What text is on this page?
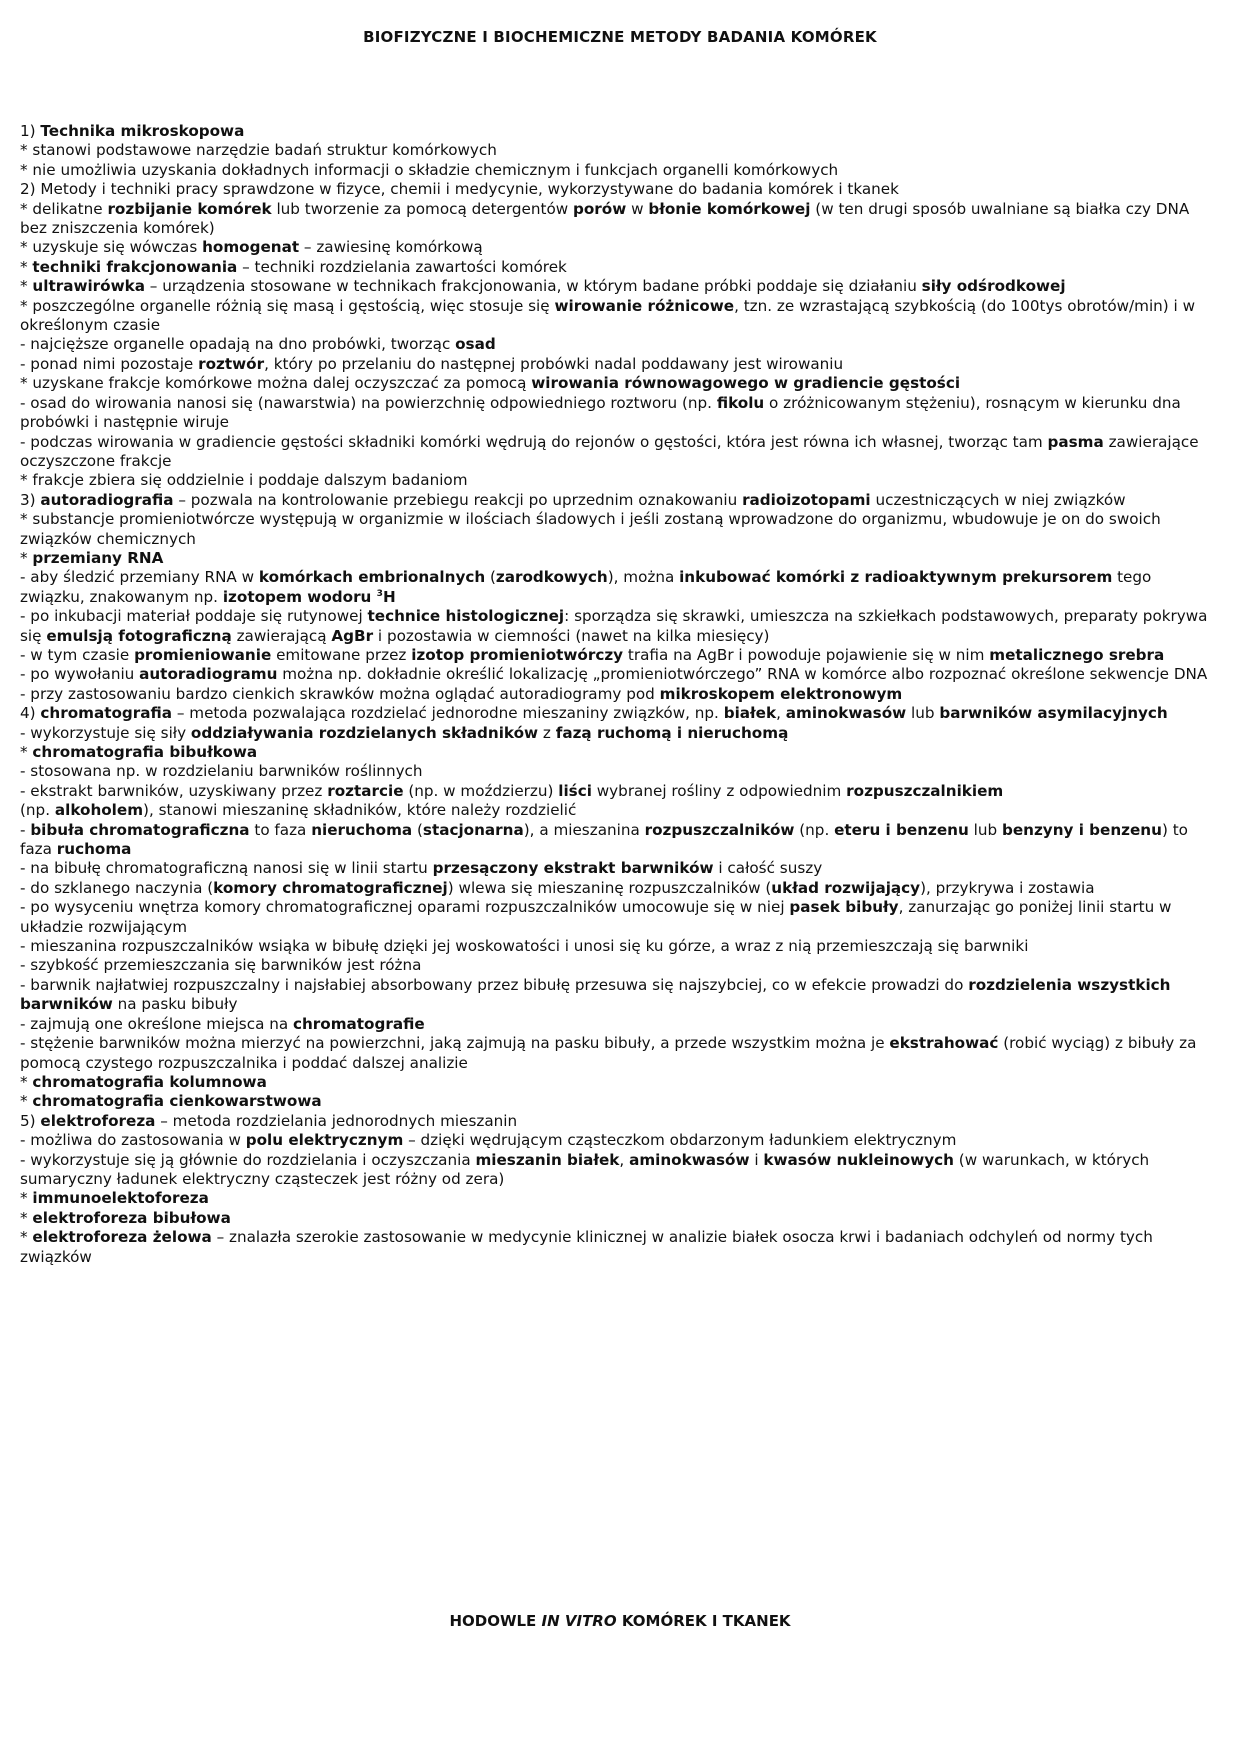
BIOFIZYCZNE I BIOCHEMICZNE METODY BADANIA KOMÓREK

1) Technika mikroskopowa

* stanowi podstawowe narzędzie badań struktur komórkowych

* nie umożliwia uzyskania dokładnych informacji o składzie chemicznym i funkcjach organelli komórkowych

2) Metody i techniki pracy sprawdzone w fizyce, chemii i medycynie, wykorzystywane do badania komórek i tkanek

* delikatne rozbijanie komórek lub tworzenie za pomocą detergentów porów w błonie komórkowej (w ten drugi sposób uwalniane są białka czy DNA bez zniszczenia komórek)

* uzyskuje się wówczas homogenat – zawiesinę komórkową

* techniki frakcjonowania – techniki rozdzielania zawartości komórek

* ultrawirówka – urządzenia stosowane w technikach frakcjonowania, w którym badane próbki poddaje się działaniu siły odśrodkowej

* poszczególne organelle różnią się masą i gęstością, więc stosuje się wirowanie różnicowe, tzn. ze wzrastającą szybkością (do 100tys obrotów/min) i w określonym czasie

- najcięższe organelle opadają na dno probówki, tworząc osad

- ponad nimi pozostaje roztwór, który po przelaniu do następnej probówki nadal poddawany jest wirowaniu

* uzyskane frakcje komórkowe można dalej oczyszczać za pomocą wirowania równowagowego w gradiencie gęstości

- osad do wirowania nanosi się (nawarstwia) na powierzchnię odpowiedniego roztworu (np. fikolu o zróżnicowanym stężeniu), rosnącym w kierunku dna probówki i następnie wiruje

- podczas wirowania w gradiencie gęstości składniki komórki wędrują do rejonów o gęstości, która jest równa ich własnej, tworząc tam pasma zawierające oczyszczone frakcje

* frakcje zbiera się oddzielnie i poddaje dalszym badaniom

3) autoradiografia – pozwala na kontrolowanie przebiegu reakcji po uprzednim oznakowaniu radioizotopami uczestniczących w niej związków

* substancje promieniotwórcze występują w organizmie w ilościach śladowych i jeśli zostaną wprowadzone do organizmu, wbudowuje je on do swoich związków chemicznych

* przemiany RNA

- aby śledzić przemiany RNA w komórkach embrionalnych (zarodkowych), można inkubować komórki z radioaktywnym prekursorem tego związku, znakowanym np. izotopem wodoru $^3$H

- po inkubacji materiał poddaje się rutynowej technice histologicznej: sporządza się skrawki, umieszcza na szkiełkach podstawowych, preparaty pokrywa się emulsją fotograficzną zawierającą AgBr i pozostawia w ciemności (nawet na kilka miesięcy)

- w tym czasie promieniowanie emitowane przez izotop promieniotwórczy trafia na AgBr i powoduje pojawienie się w nim metalicznego srebra

- po wywołaniu autoradiogramu można np. dokładnie określić lokalizację „promieniotwórczego” RNA w komórce albo rozpoznać określone sekwencje DNA

- przy zastosowaniu bardzo cienkich skrawków można oglądać autoradiogramy pod mikroskopem elektronowym

4) chromatografia – metoda pozwalająca rozdzielać jednorodne mieszaniny związków, np. białek, aminokwasów lub barwników asymilacyjnych

- wykorzystuje się siły oddziaływania rozdzielanych składników z fazą ruchomą i nieruchomą

* chromatografia bibułkowa

- stosowana np. w rozdzielaniu barwników roślinnych

- ekstrakt barwników, uzyskiwany przez roztarcie (np. w moździerzu) liści wybranej rośliny z odpowiednim rozpuszczalnikiem

(np. alkoholem), stanowi mieszaninę składników, które należy rozdzielić

- bibuła chromatograficzna to faza nieruchoma (stacjonarna), a mieszanina rozpuszczalników (np. eteru i benzenu lub benzyny i benzenu) to faza ruchoma

- na bibułę chromatograficzną nanosi się w linii startu przesączony ekstrakt barwników i całość suszy

- do szklanego naczynia (komory chromatograficznej) wlewa się mieszaninę rozpuszczalników (układ rozwijający), przykrywa i zostawia

- po wysyceniu wnętrza komory chromatograficznej oparami rozpuszczalników umocowuje się w niej pasek bibuły, zanurzając go poniżej linii startu w układzie rozwijającym

- mieszanina rozpuszczalników wsiąka w bibułę dzięki jej woskowatości i unosi się ku górze, a wraz z nią przemieszczają się barwniki

- szybkość przemieszczania się barwników jest różna

- barwnik najłatwiej rozpuszczalny i najsłabiej absorbowany przez bibułę przesuwa się najszybciej, co w efekcie prowadzi do rozdzielenia wszystkich barwników na pasku bibuły

- zajmują one określone miejsca na chromatografie

- stężenie barwników można mierzyć na powierzchni, jaką zajmują na pasku bibuły, a przede wszystkim można je ekstrahować (robić wyciąg) z bibuły za pomocą czystego rozpuszczalnika i poddać dalszej analizie

* chromatografia kolumnowa

* chromatografia cienkowarstwowa

5) elektroforeza – metoda rozdzielania jednorodnych mieszanin

- możliwa do zastosowania w polu elektrycznym – dzięki wędrującym cząsteczkom obdarzonym ładunkiem elektrycznym

- wykorzystuje się ją głównie do rozdzielania i oczyszczania mieszanin białek, aminokwasów i kwasów nukleinowych (w warunkach, w których sumaryczny ładunek elektryczny cząsteczek jest różny od zera)

* immunoelektoforeza

* elektroforeza bibułowa

* elektroforeza żelowa – znalazła szerokie zastosowanie w medycynie klinicznej w analizie białek osocza krwi i badaniach odchyleń od normy tych związków

HODOWLE IN VITRO KOMÓREK I TKANEK
